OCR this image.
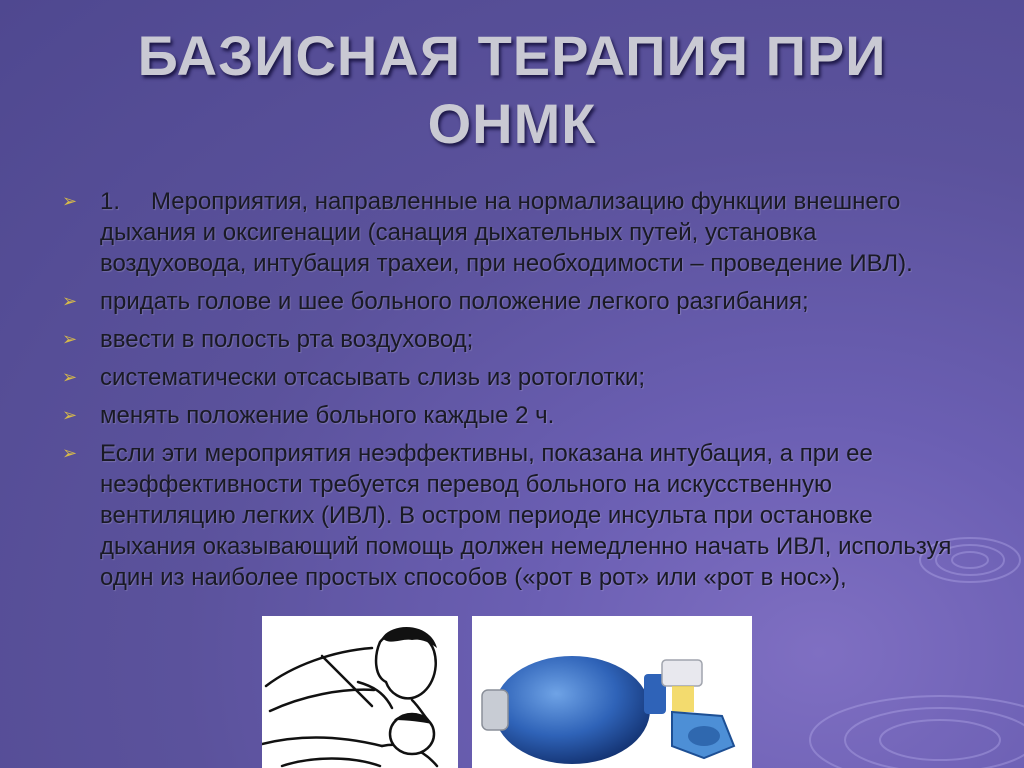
БАЗИСНАЯ ТЕРАПИЯ ПРИ
ОНМК
➢ 1. Мероприятия, направленные на нормализацию функции внешнего дыхания и оксигенации (санация дыхательных путей, установка воздуховода, интубация трахеи, при необходимости – проведение ИВЛ).
➢ придать голове и шее больного положение легкого разгибания;
➢ ввести в полость рта воздуховод;
➢ систематически отсасывать слизь из ротоглотки;
➢ менять положение больного каждые 2 ч.
➢ Если эти мероприятия неэффективны, показана интубация, а при ее неэффективности требуется перевод больного на искусственную вентиляцию легких (ИВЛ). В остром периоде инсульта при остановке дыхания оказывающий помощь должен немедленно начать ИВЛ, используя один из наиболее простых способов («рот в рот» или «рот в нос»),
